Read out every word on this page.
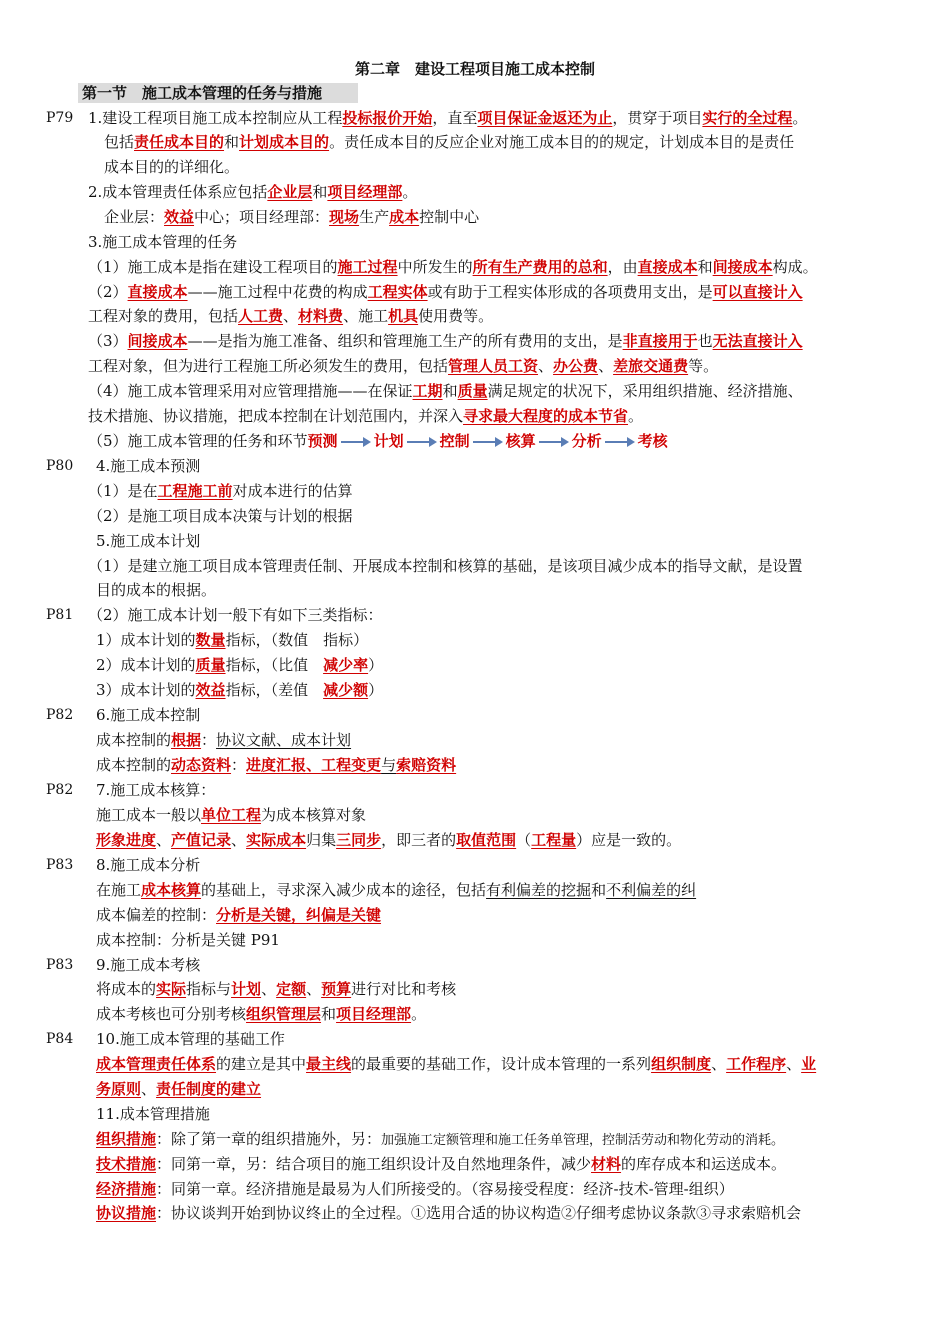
第二章　建设工程项目施工成本控制
第一节　施工成本管理的任务与措施
P79
P80
P81
P82
P82
P83
P83
P84
1.建设工程项目施工成本控制应从工程投标报价开始，直至项目保证金返还为止，贯穿于项目实行的全过程。
包括责任成本目的和计划成本目的。责任成本目的反应企业对施工成本目的的规定，计划成本目的是责任
成本目的的详细化。
2.成本管理责任体系应包括企业层和项目经理部。
企业层：效益中心；项目经理部：现场生产成本控制中心
3.施工成本管理的任务
（1）施工成本是指在建设工程项目的施工过程中所发生的所有生产费用的总和，由直接成本和间接成本构成。
（2）直接成本——施工过程中花费的构成工程实体或有助于工程实体形成的各项费用支出，是可以直接计入
工程对象的费用，包括人工费、材料费、施工机具使用费等。
（3）间接成本——是指为施工准备、组织和管理施工生产的所有费用的支出，是非直接用于也无法直接计入
工程对象，但为进行工程施工所必须发生的费用，包括管理人员工资、办公费、差旅交通费等。
（4）施工成本管理采用对应管理措施——在保证工期和质量满足规定的状况下，采用组织措施、经济措施、
技术措施、协议措施，把成本控制在计划范围内，并深入寻求最大程度的成本节省。
（5）施工成本管理的任务和环节预测 计划 控制 核算 分析 考核
4.施工成本预测
（1）是在工程施工前对成本进行的估算
（2）是施工项目成本决策与计划的根据
5.施工成本计划
（1）是建立施工项目成本管理责任制、开展成本控制和核算的基础，是该项目减少成本的指导文献，是设置
目的成本的根据。
（2）施工成本计划一般下有如下三类指标：
1）成本计划的数量指标，（数值　指标）
2）成本计划的质量指标，（比值　减少率）
3）成本计划的效益指标，（差值　减少额）
6.施工成本控制
成本控制的根据：协议文献、成本计划
成本控制的动态资料：进度汇报、工程变更与索赔资料
7.施工成本核算：
施工成本一般以单位工程为成本核算对象
形象进度、产值记录、实际成本归集三同步，即三者的取值范围（工程量）应是一致的。
8.施工成本分析
在施工成本核算的基础上，寻求深入减少成本的途径，包括有利偏差的挖掘和不利偏差的纠
成本偏差的控制：分析是关键，纠偏是关键
成本控制：分析是关键 P91
9.施工成本考核
将成本的实际指标与计划、定额、预算进行对比和考核
成本考核也可分别考核组织管理层和项目经理部。
10.施工成本管理的基础工作
成本管理责任体系的建立是其中最主线的最重要的基础工作，设计成本管理的一系列组织制度、工作程序、业
务原则、责任制度的建立
11.成本管理措施
组织措施：除了第一章的组织措施外，另：加强施工定额管理和施工任务单管理，控制活劳动和物化劳动的消耗。
技术措施：同第一章，另：结合项目的施工组织设计及自然地理条件，减少材料的库存成本和运送成本。
经济措施：同第一章。经济措施是最易为人们所接受的。（容易接受程度：经济-技术-管理-组织）
协议措施：协议谈判开始到协议终止的全过程。①选用合适的协议构造②仔细考虑协议条款③寻求索赔机会
